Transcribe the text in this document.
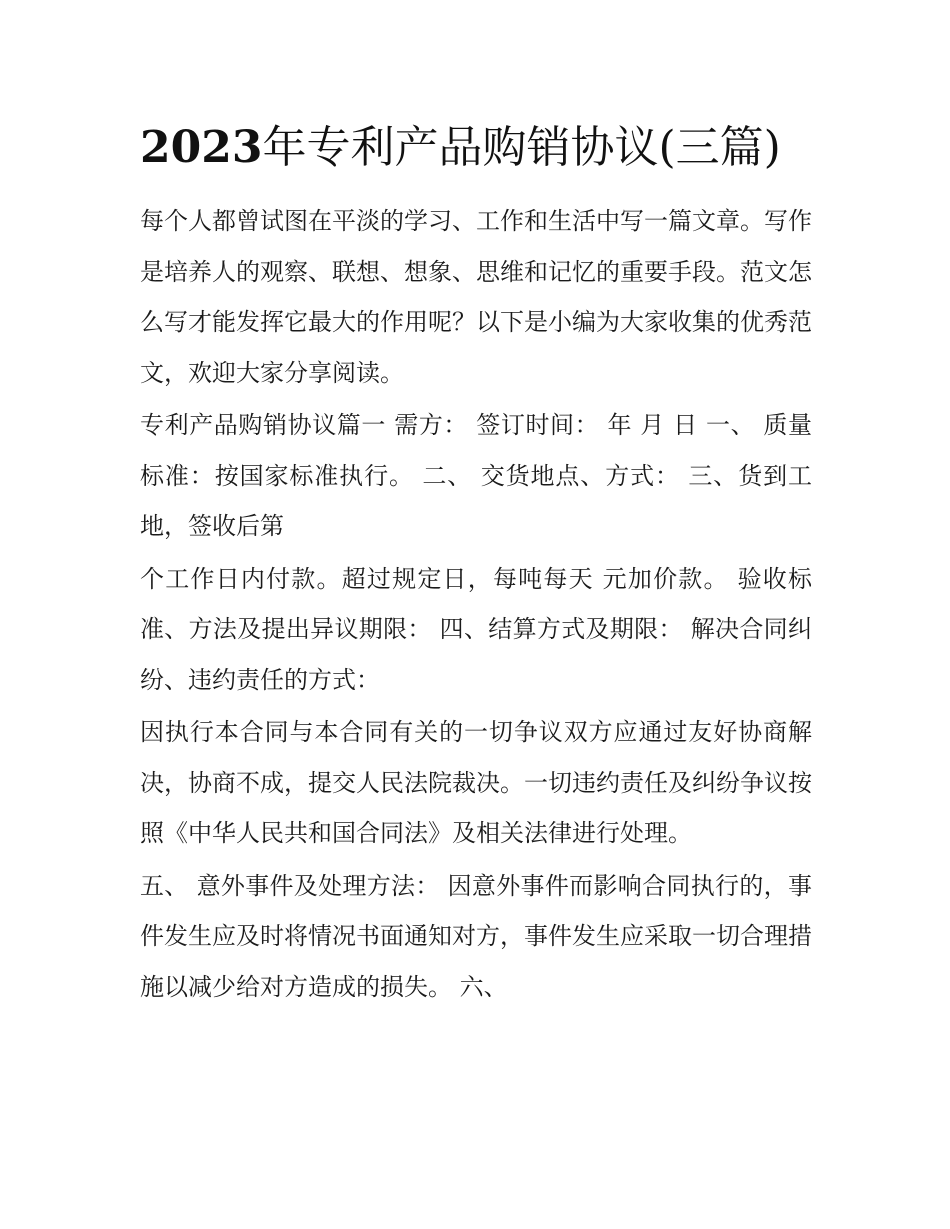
2023年专利产品购销协议(三篇)

每个人都曾试图在平淡的学习、工作和生活中写一篇文章。写作是培养人的观察、联想、想象、思维和记忆的重要手段。范文怎么写才能发挥它最大的作用呢？以下是小编为大家收集的优秀范文，欢迎大家分享阅读。

专利产品购销协议篇一 需方： 签订时间： 年 月 日 一、 质量标准：按国家标准执行。 二、 交货地点、方式： 三、货到工地，签收后第

个工作日内付款。超过规定日，每吨每天 元加价款。 验收标准、方法及提出异议期限： 四、结算方式及期限： 解决合同纠纷、违约责任的方式：

因执行本合同与本合同有关的一切争议双方应通过友好协商解决，协商不成，提交人民法院裁决。一切违约责任及纠纷争议按照《中华人民共和国合同法》及相关法律进行处理。

五、 意外事件及处理方法： 因意外事件而影响合同执行的，事件发生应及时将情况书面通知对方，事件发生应采取一切合理措施以减少给对方造成的损失。 六、
